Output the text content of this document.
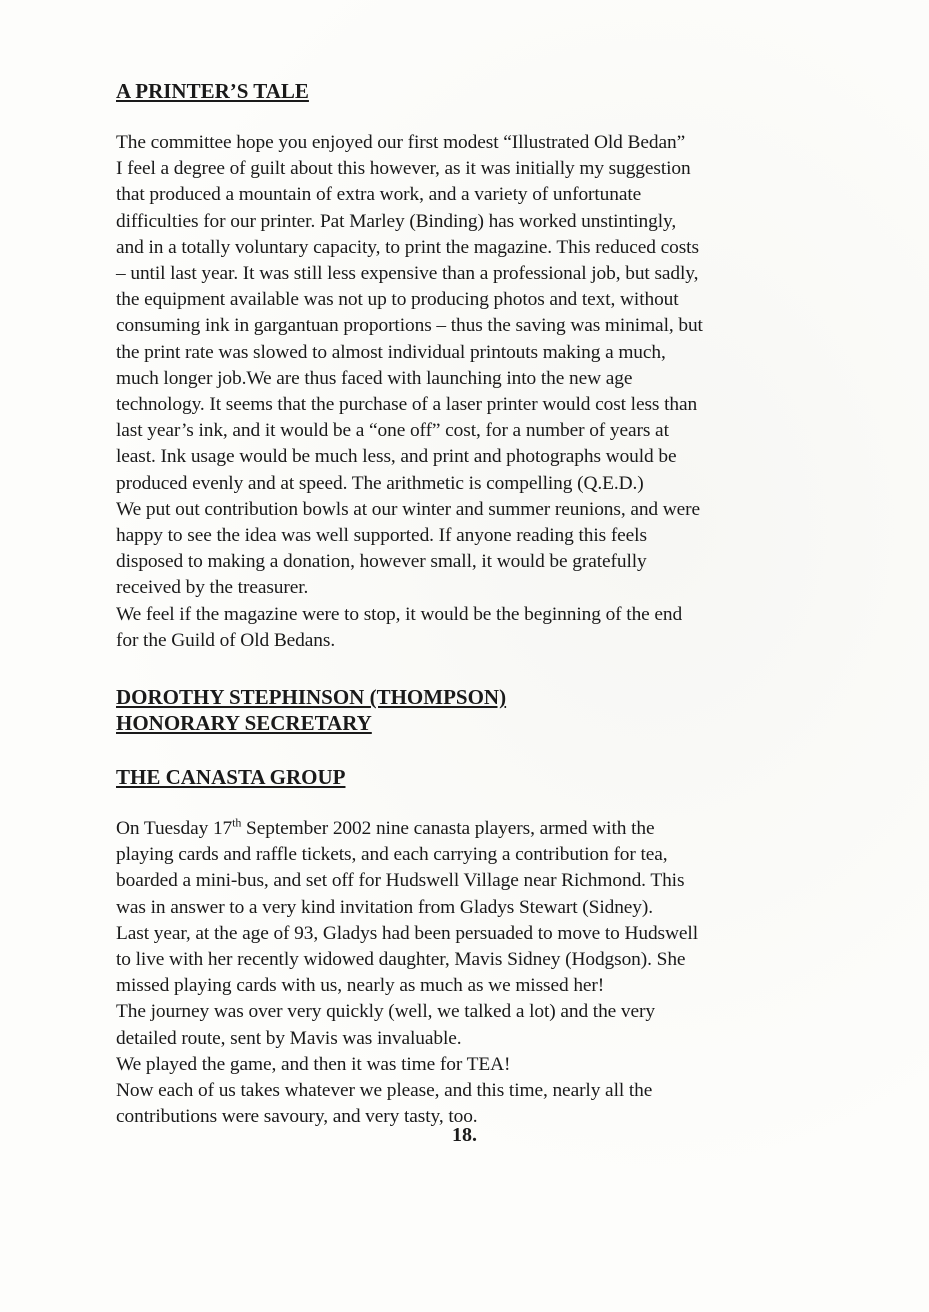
A PRINTER’S TALE

The committee hope you enjoyed our first modest “Illustrated Old Bedan”
I feel a degree of guilt about this however, as it was initially my suggestion
that produced a mountain of extra work, and a variety of unfortunate
difficulties for our printer. Pat Marley (Binding) has worked unstintingly,
and in a totally voluntary capacity, to print the magazine. This reduced costs
– until last year. It was still less expensive than a professional job, but sadly,
the equipment available was not up to producing photos and text, without
consuming ink in gargantuan proportions – thus the saving was minimal, but
the print rate was slowed to almost individual printouts making a much,
much longer job.We are thus faced with launching into the new age
technology. It seems that the purchase of a laser printer would cost less than
last year’s ink, and it would be a “one off” cost, for a number of years at
least. Ink usage would be much less, and print and photographs would be
produced evenly and at speed. The arithmetic is compelling (Q.E.D.)
We put out contribution bowls at our winter and summer reunions, and were
happy to see the idea was well supported. If anyone reading this feels
disposed to making a donation, however small, it would be gratefully
received by the treasurer.
We feel if the magazine were to stop, it would be the beginning of the end
for the Guild of Old Bedans.

DOROTHY STEPHINSON (THOMPSON)
HONORARY SECRETARY
THE CANASTA GROUP

On Tuesday 17th September 2002 nine canasta players, armed with the
playing cards and raffle tickets, and each carrying a contribution for tea,
boarded a mini-bus, and set off for Hudswell Village near Richmond. This
was in answer to a very kind invitation from Gladys Stewart (Sidney).
Last year, at the age of 93, Gladys had been persuaded to move to Hudswell
to live with her recently widowed daughter, Mavis Sidney (Hodgson). She
missed playing cards with us, nearly as much as we missed her!
The journey was over very quickly (well, we talked a lot) and the very
detailed route, sent by Mavis was invaluable.
We played the game, and then it was time for TEA!
Now each of us takes whatever we please, and this time, nearly all the
contributions were savoury, and very tasty, too.

18.
